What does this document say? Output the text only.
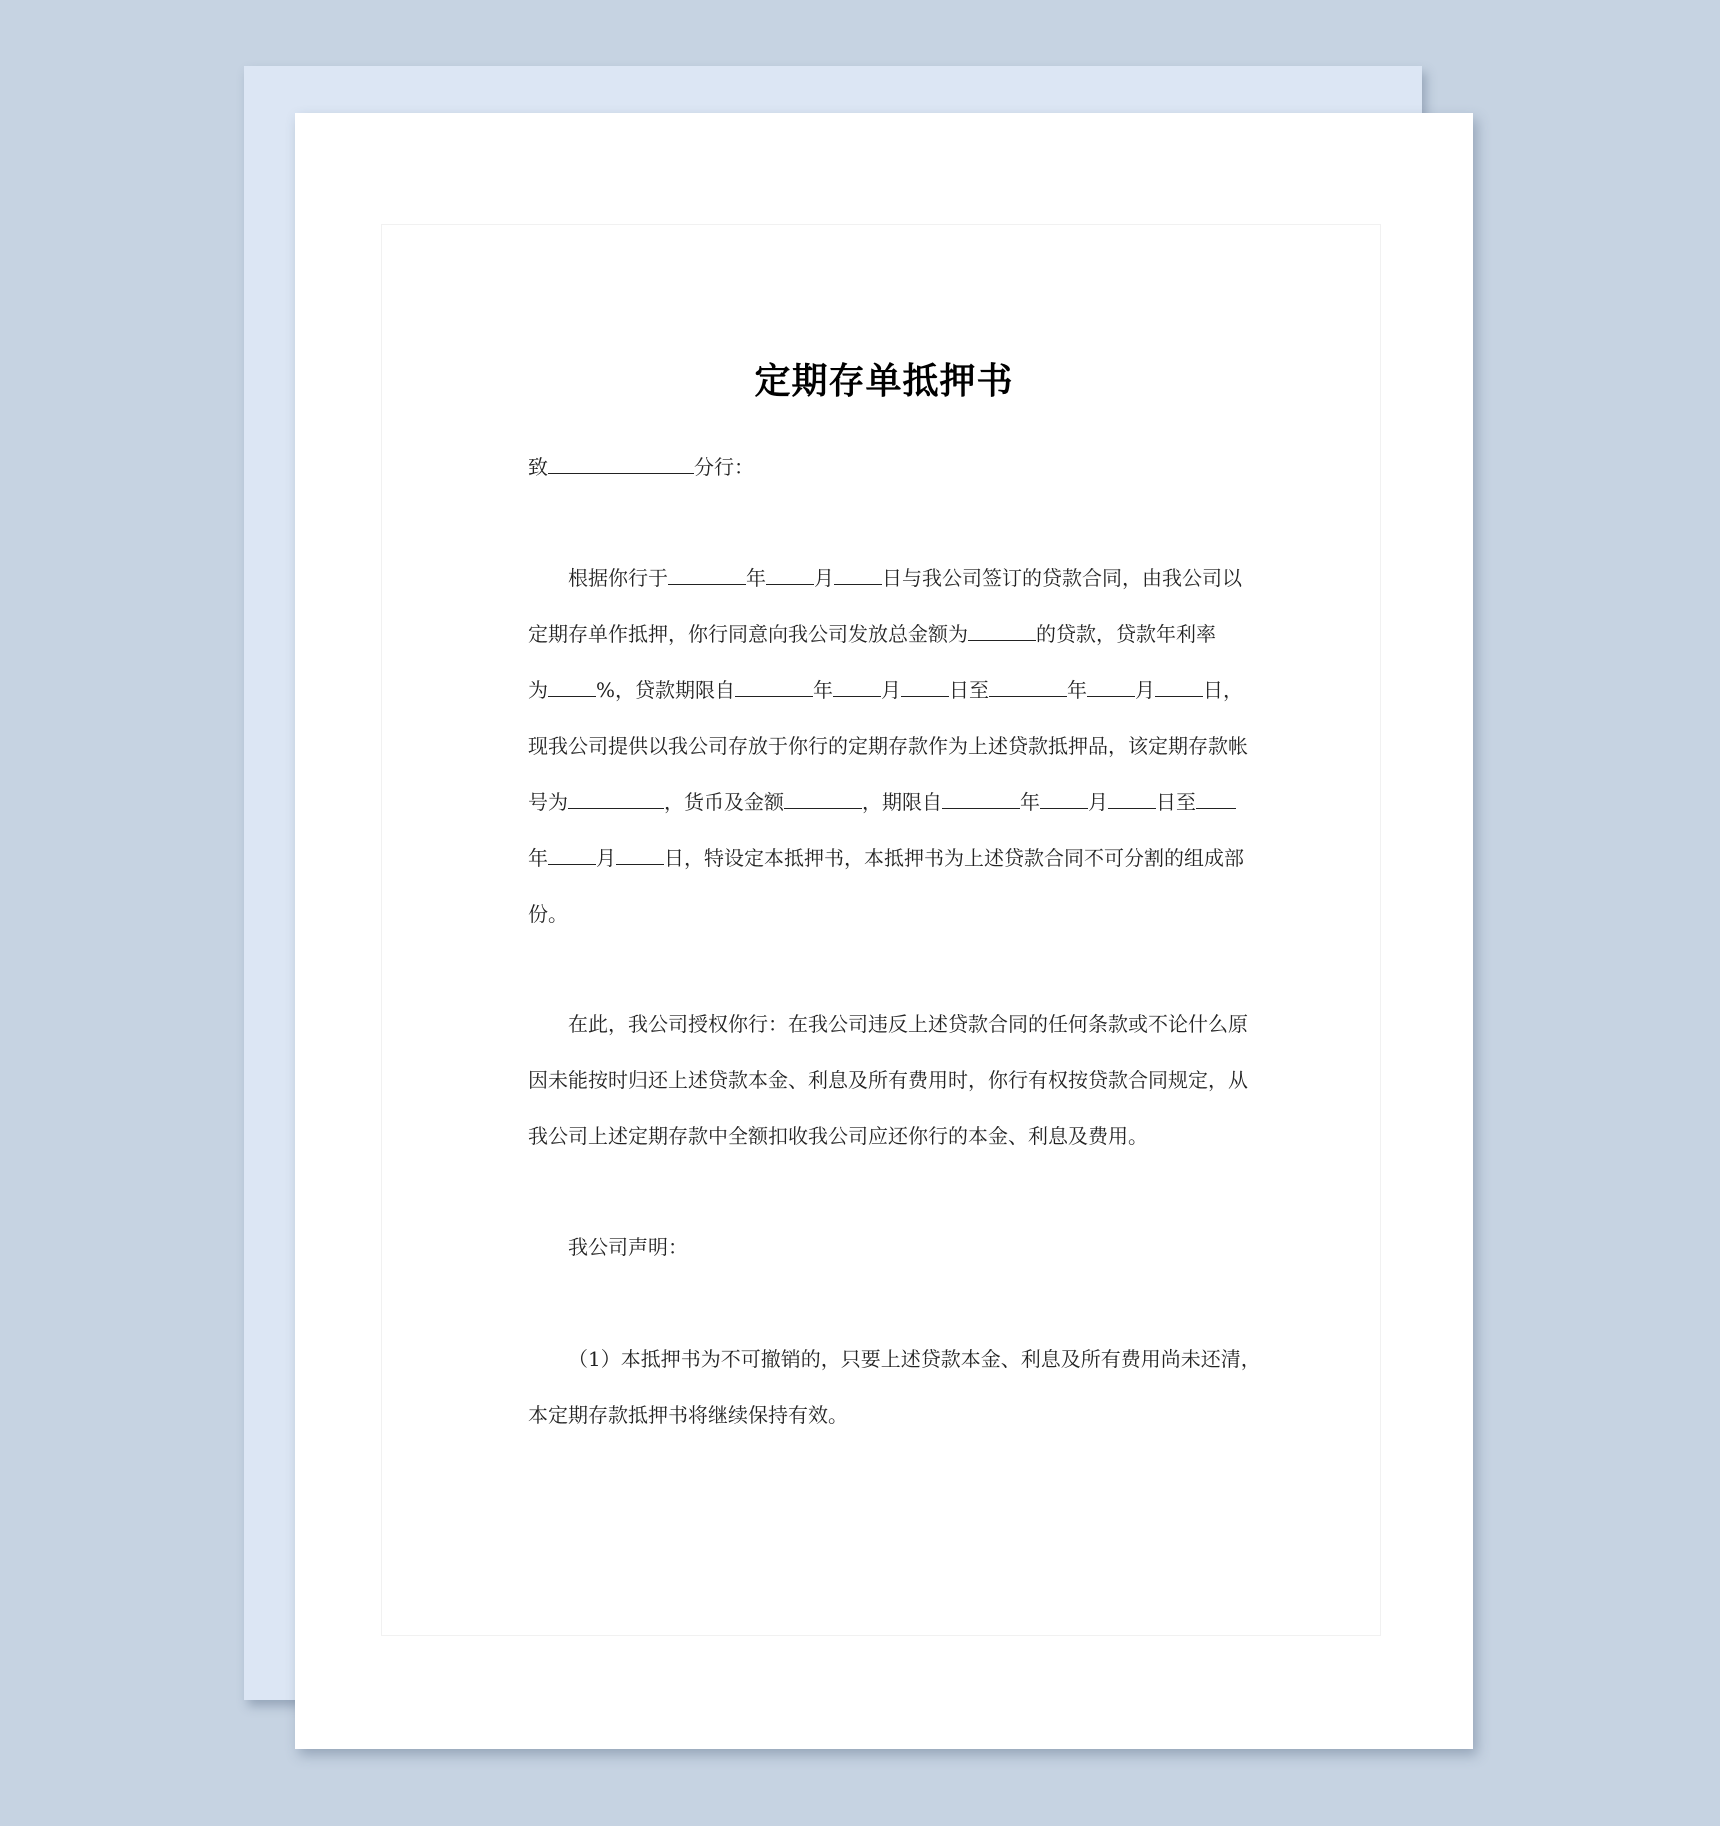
定期存单抵押书
致	分行：
根据你行于	年 月 日与我公司签订的贷款合同，由我公司以
定期存单作抵押，你行同意向我公司发放总金额为	的贷款，贷款年利率
为 %，贷款期限自	年 月 日至	年 月 日，
现我公司提供以我公司存放于你行的定期存款作为上述贷款抵押品，该定期存款帐
号为	，货币及金额	，期限自	年 月 日至
年 月 日，特设定本抵押书，本抵押书为上述贷款合同不可分割的组成部
份。
在此，我公司授权你行：在我公司违反上述贷款合同的任何条款或不论什么原
因未能按时归还上述贷款本金、利息及所有费用时，你行有权按贷款合同规定，从
我公司上述定期存款中全额扣收我公司应还你行的本金、利息及费用。
我公司声明：
（1）本抵押书为不可撤销的，只要上述贷款本金、利息及所有费用尚未还清，
本定期存款抵押书将继续保持有效。
